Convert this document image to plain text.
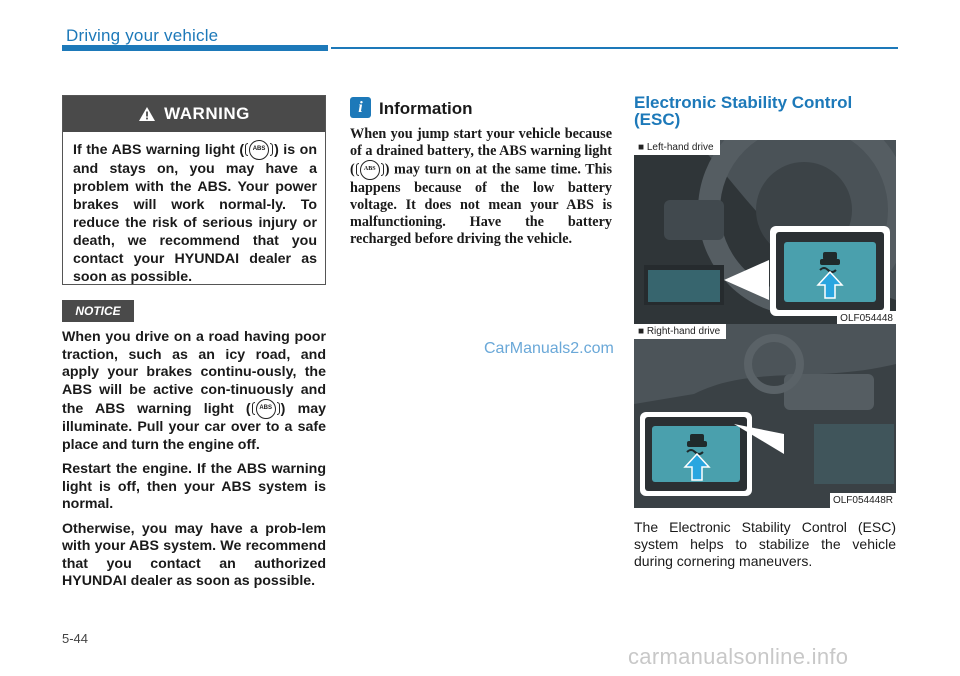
Driving your vehicle
WARNING
If the ABS warning light ( ABS ) is on and stays on, you may have a problem with the ABS. Your power brakes will work normal-ly. To reduce the risk of serious injury or death, we recommend that you contact your HYUNDAI dealer as soon as possible.
NOTICE

When you drive on a road having poor traction, such as an icy road, and apply your brakes continu-ously, the ABS will be active con-tinuously and the ABS warning light ( ABS ) may illuminate. Pull your car over to a safe place and turn the engine off.

Restart the engine. If the ABS warning light is off, then your ABS system is normal.

Otherwise, you may have a prob-lem with your ABS system. We recommend that you contact an authorized HYUNDAI dealer as soon as possible.

i Information
When you jump start your vehicle because of a drained battery, the ABS warning light ( ABS ) may turn on at the same time. This happens because of the low battery voltage. It does not mean your ABS is malfunctioning. Have the battery recharged before driving the vehicle.
CarManuals2.com
Electronic Stability Control (ESC)
■ Left-hand drive
OLF054448
■ Right-hand drive
OLF054448R
The Electronic Stability Control (ESC) system helps to stabilize the vehicle during cornering maneuvers.
5-44
carmanualsonline.info
